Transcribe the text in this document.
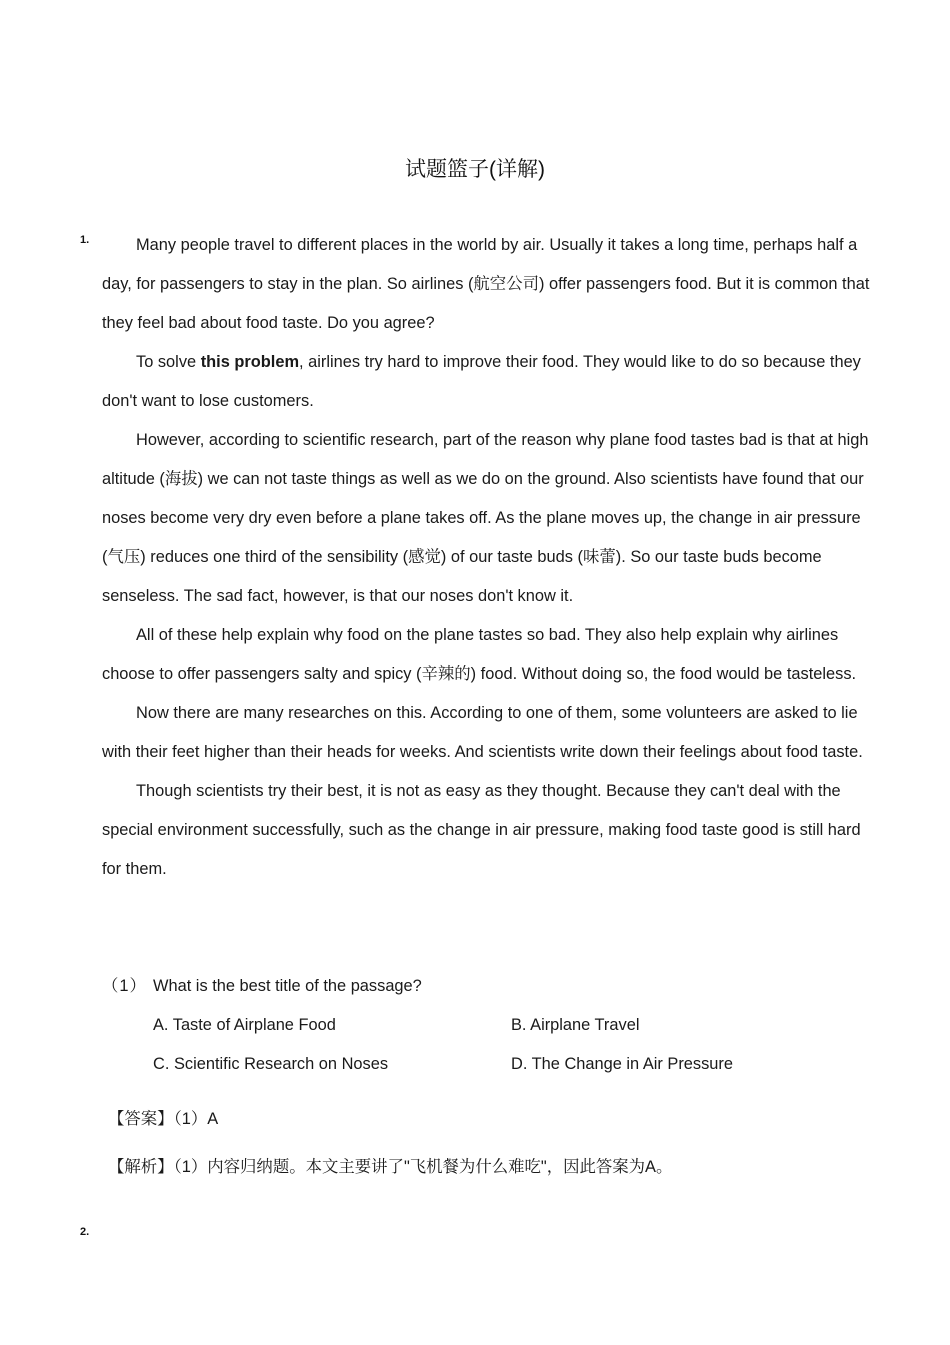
试题篮子(详解)
1.	Many people travel to different places in the world by air. Usually it takes a long time, perhaps half a day, for passengers to stay in the plan. So airlines (航空公司) offer passengers food. But it is common that they feel bad about food taste. Do you agree?

To solve this problem, airlines try hard to improve their food. They would like to do so because they don't want to lose customers.

However, according to scientific research, part of the reason why plane food tastes bad is that at high altitude (海拔) we can not taste things as well as we do on the ground. Also scientists have found that our noses become very dry even before a plane takes off. As the plane moves up, the change in air pressure (气压) reduces one third of the sensibility (感觉) of our taste buds (味蕾). So our taste buds become senseless. The sad fact, however, is that our noses don't know it.

All of these help explain why food on the plane tastes so bad. They also help explain why airlines choose to offer passengers salty and spicy (辛辣的) food. Without doing so, the food would be tasteless.

Now there are many researches on this. According to one of them, some volunteers are asked to lie with their feet higher than their heads for weeks. And scientists write down their feelings about food taste.

Though scientists try their best, it is not as easy as they thought. Because they can't deal with the special environment successfully, such as the change in air pressure, making food taste good is still hard for them.

（1） What is the best title of the passage?
A. Taste of Airplane Food	B. Airplane Travel
C. Scientific Research on Noses	D. The Change in Air Pressure
【答案】（1）A
【解析】（1）内容归纳题。本文主要讲了"飞机餐为什么难吃"，因此答案为A。
2.
